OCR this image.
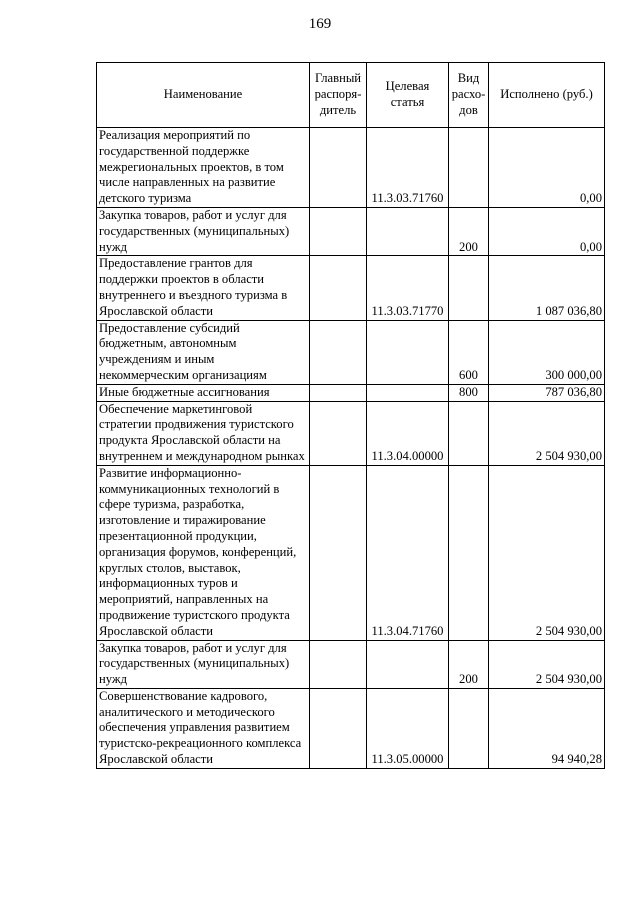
169
Наименование	Главный распоря-дитель	Целевая статья	Вид расхо-дов	Исполнено (руб.)
Реализация мероприятий по государственной поддержке межрегиональных проектов, в том числе направленных на развитие детского туризма		11.3.03.71760		0,00
Закупка товаров, работ и услуг для государственных (муниципальных) нужд			200	0,00
Предоставление грантов для поддержки проектов в области внутреннего и въездного туризма в Ярославской области		11.3.03.71770		1 087 036,80
Предоставление субсидий бюджетным, автономным учреждениям и иным некоммерческим организациям			600	300 000,00
Иные бюджетные ассигнования			800	787 036,80
Обеспечение маркетинговой стратегии продвижения туристского продукта Ярославской области на внутреннем и международном рынках		11.3.04.00000		2 504 930,00
Развитие информационно-коммуникационных технологий в сфере туризма, разработка, изготовление и тиражирование презентационной продукции, организация форумов, конференций, круглых столов, выставок, информационных туров и мероприятий, направленных на продвижение туристского продукта Ярославской области		11.3.04.71760		2 504 930,00
Закупка товаров, работ и услуг для государственных (муниципальных) нужд			200	2 504 930,00
Совершенствование кадрового, аналитического и методического обеспечения управления развитием туристско-рекреационного комплекса Ярославской области		11.3.05.00000		94 940,28
